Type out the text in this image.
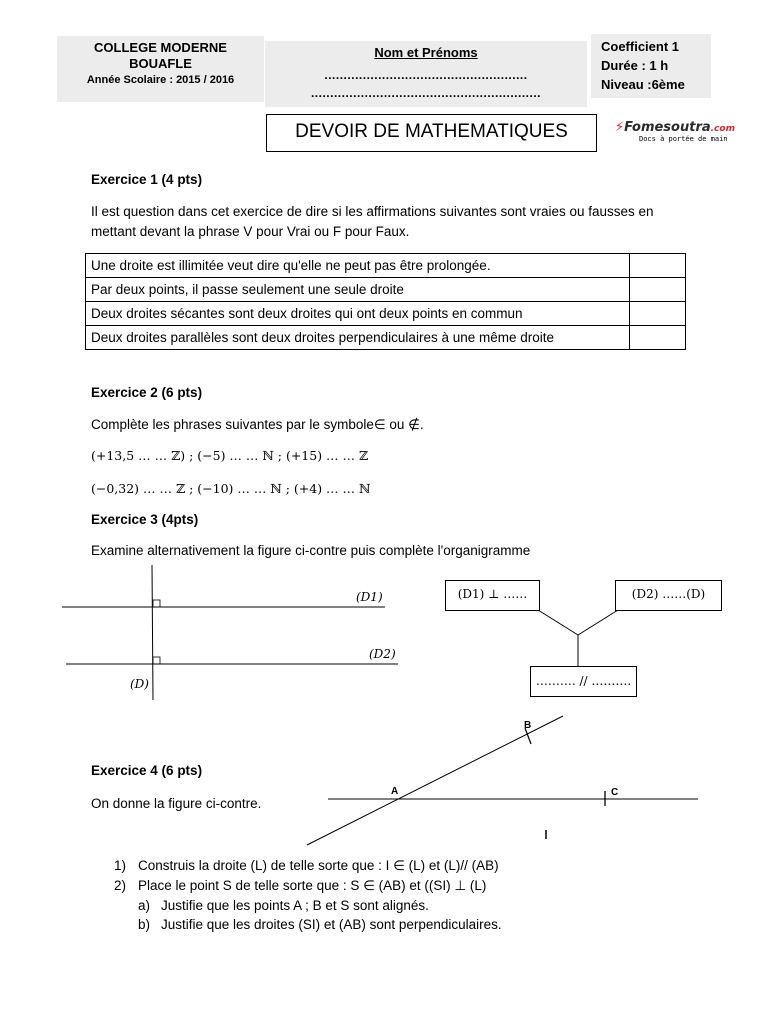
COLLEGE MODERNE
BOUAFLE
Année Scolaire : 2015 / 2016
Nom et Prénoms
.....................................................
............................................................
Coefficient 1
Durée : 1 h
Niveau :6ème
DEVOIR DE MATHEMATIQUES	⚡Fomesoutra.com
Docs à portée de main
Exercice 1 (4 pts)
Il est question dans cet exercice de dire si les affirmations suivantes sont vraies ou fausses en mettant devant la phrase V pour Vrai ou F pour Faux.
Une droite est illimitée veut dire qu'elle ne peut pas être prolongée.	
Par deux points, il passe seulement une seule droite	
Deux droites sécantes sont deux droites qui ont deux points en commun	
Deux droites parallèles sont deux droites perpendiculaires à une même droite	
Exercice 2 (6 pts)
Complète les phrases suivantes par le symbole∈ ou ∉.
(+13,5 … … ℤ) ; (−5) … … ℕ ; (+15) … … ℤ
(−0,32) … … ℤ ; (−10) … … ℕ ; (+4) … … ℕ
Exercice 3 (4pts)
Examine alternativement la figure ci-contre puis complète l'organigramme
(D1)
(D2)
(D)
(D1) ⊥ ……	(D2) ……(D)
………. // ……….
Exercice 4 (6 pts)
On donne la figure ci-contre.
B
A	C
1) Construis la droite (L) de telle sorte que : I ∈ (L) et (L)// (AB)
2) Place le point S de telle sorte que : S ∈ (AB) et ((SI) ⊥ (L)
a) Justifie que les points A ; B et S sont alignés.
b) Justifie que les droites (SI) et (AB) sont perpendiculaires.
